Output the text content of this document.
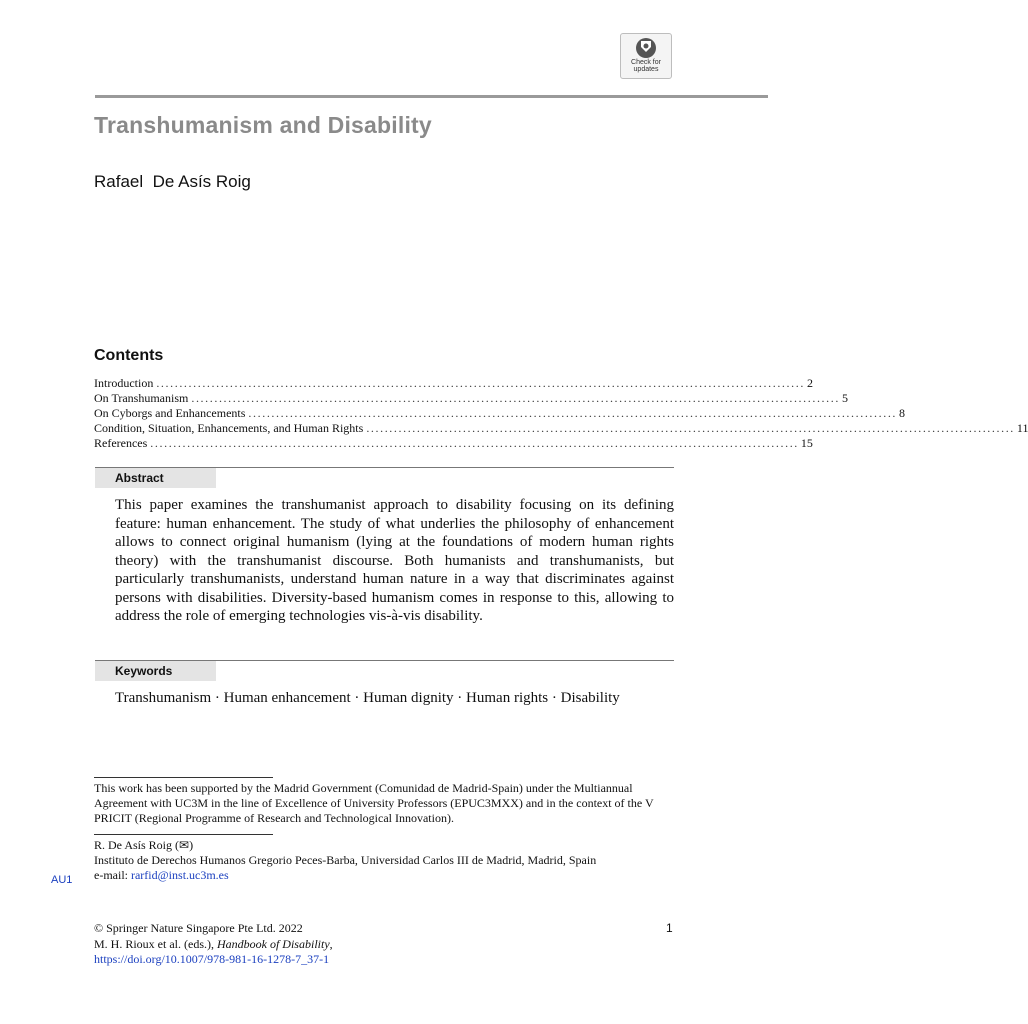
Check for
updates
Transhumanism and Disability
Rafael  De Asís Roig
Contents
Introduction ............................................................................................................................................. 2
On Transhumanism ............................................................................................................................................. 5
On Cyborgs and Enhancements ............................................................................................................................................. 8
Condition, Situation, Enhancements, and Human Rights ............................................................................................................................................. 11
References ............................................................................................................................................. 15
Abstract
This paper examines the transhumanist approach to disability focusing on its defining feature: human enhancement. The study of what underlies the philosophy of enhancement allows to connect original humanism (lying at the foundations of modern human rights theory) with the transhumanist discourse. Both humanists and transhumanists, but particularly transhumanists, understand human nature in a way that discriminates against persons with disabilities. Diversity-based humanism comes in response to this, allowing to address the role of emerging technologies vis-à-vis disability.
Keywords
Transhumanism · Human enhancement · Human dignity · Human rights · Disability
This work has been supported by the Madrid Government (Comunidad de Madrid-Spain) under the Multiannual Agreement with UC3M in the line of Excellence of University Professors (EPUC3MXX) and in the context of the V PRICIT (Regional Programme of Research and Technological Innovation).
R. De Asís Roig (✉)
Instituto de Derechos Humanos Gregorio Peces-Barba, Universidad Carlos III de Madrid, Madrid, Spain
e-mail: rarfid@inst.uc3m.es
AU1
© Springer Nature Singapore Pte Ltd. 2022
M. H. Rioux et al. (eds.), Handbook of Disability,
https://doi.org/10.1007/978-981-16-1278-7_37-1
1
